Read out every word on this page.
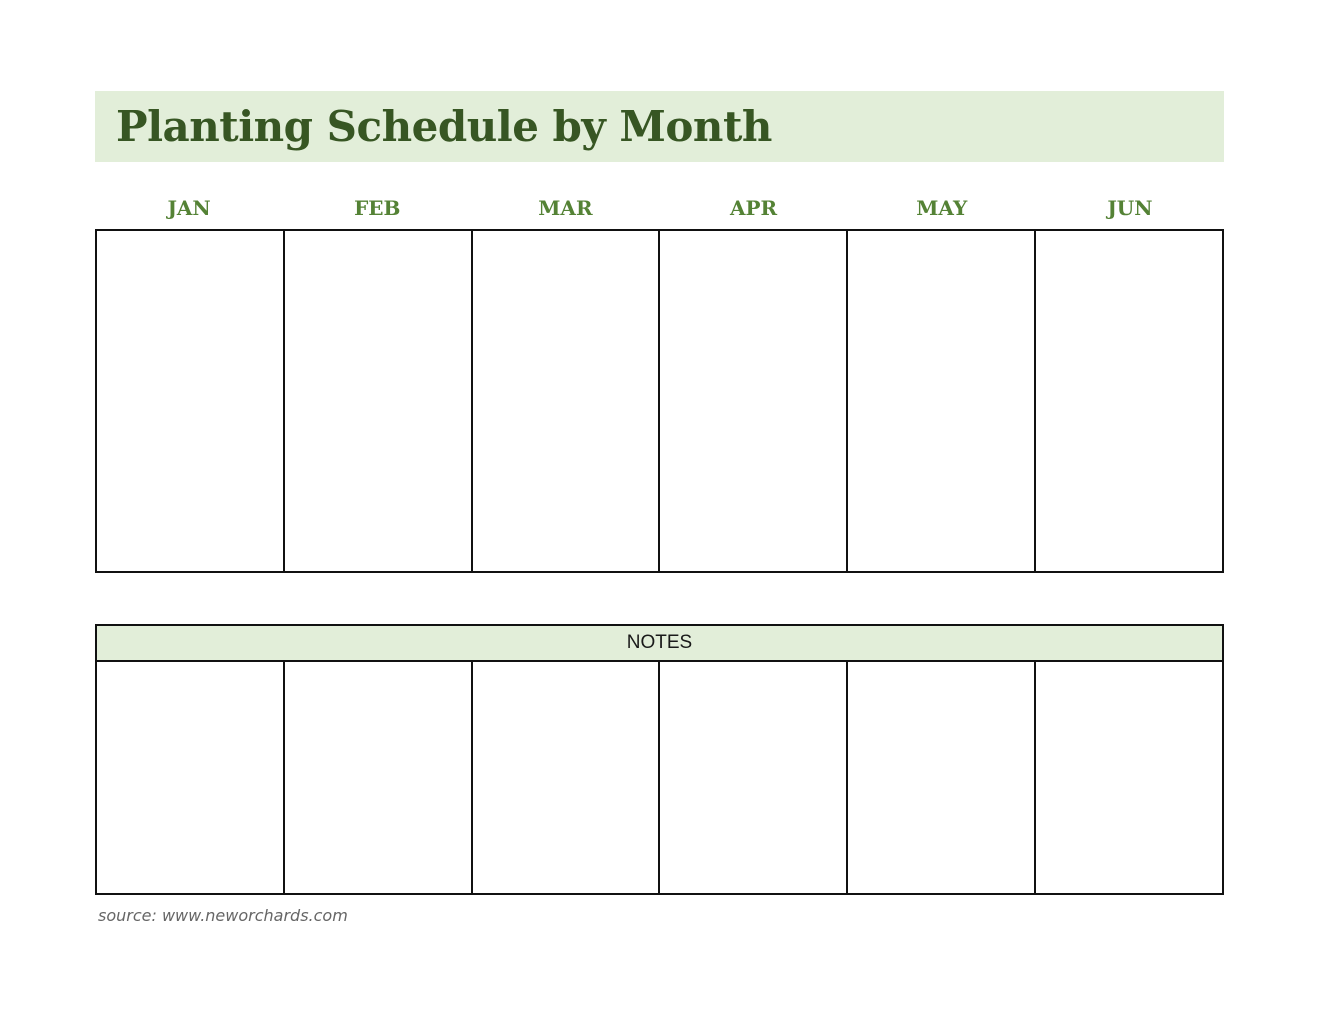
Planting Schedule by Month
JAN	FEB	MAR	APR	MAY	JUN
NOTES
source: www.neworchards.com
